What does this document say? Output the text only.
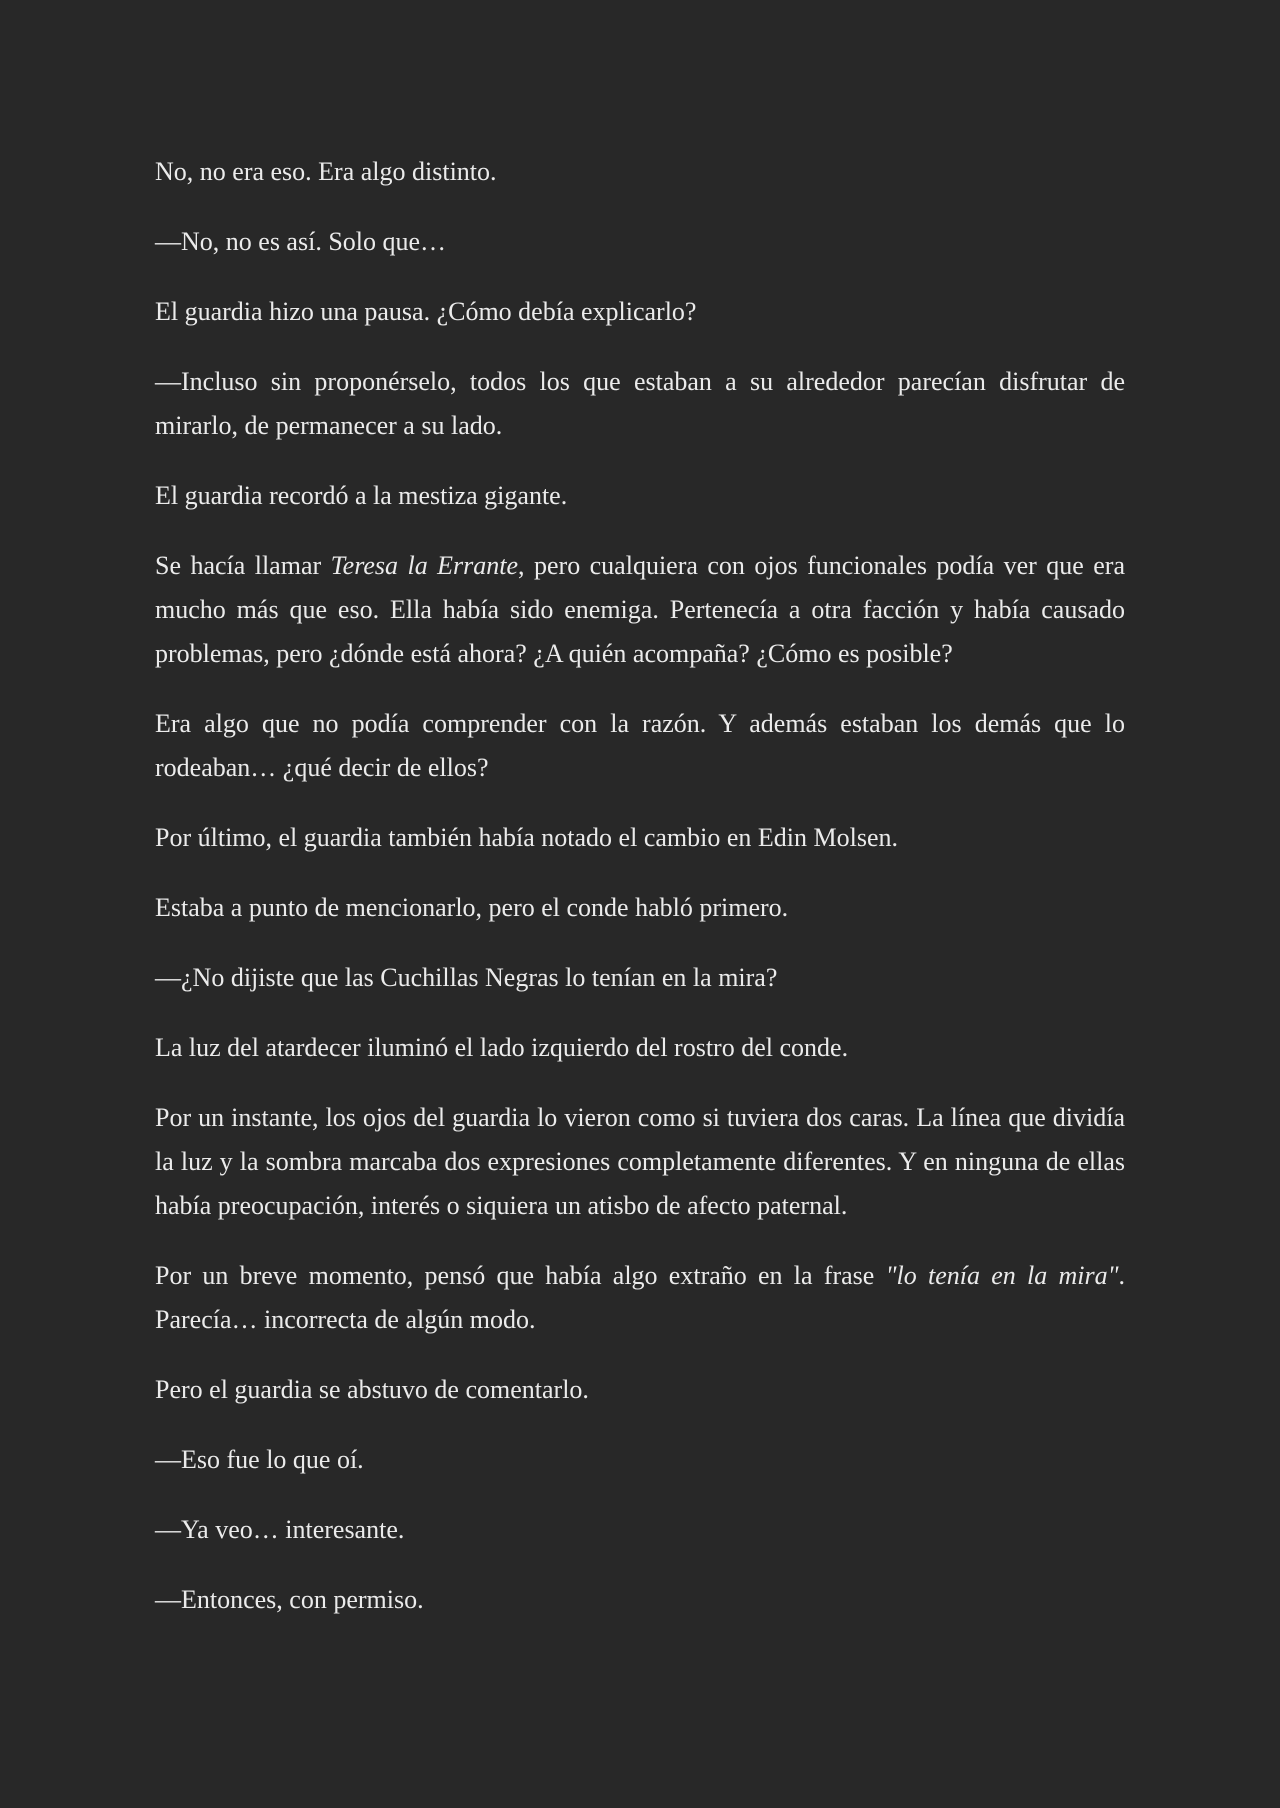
No, no era eso. Era algo distinto.

—No, no es así. Solo que…

El guardia hizo una pausa. ¿Cómo debía explicarlo?

—Incluso sin proponérselo, todos los que estaban a su alrededor parecían disfrutar de mirarlo, de permanecer a su lado.

El guardia recordó a la mestiza gigante.

Se hacía llamar Teresa la Errante, pero cualquiera con ojos funcionales podía ver que era mucho más que eso. Ella había sido enemiga. Pertenecía a otra facción y había causado problemas, pero ¿dónde está ahora? ¿A quién acompaña? ¿Cómo es posible?

Era algo que no podía comprender con la razón. Y además estaban los demás que lo rodeaban… ¿qué decir de ellos?

Por último, el guardia también había notado el cambio en Edin Molsen.

Estaba a punto de mencionarlo, pero el conde habló primero.

—¿No dijiste que las Cuchillas Negras lo tenían en la mira?

La luz del atardecer iluminó el lado izquierdo del rostro del conde.

Por un instante, los ojos del guardia lo vieron como si tuviera dos caras. La línea que dividía la luz y la sombra marcaba dos expresiones completamente diferentes. Y en ninguna de ellas había preocupación, interés o siquiera un atisbo de afecto paternal.

Por un breve momento, pensó que había algo extraño en la frase "lo tenía en la mira". Parecía… incorrecta de algún modo.

Pero el guardia se abstuvo de comentarlo.

—Eso fue lo que oí.

—Ya veo… interesante.

—Entonces, con permiso.
